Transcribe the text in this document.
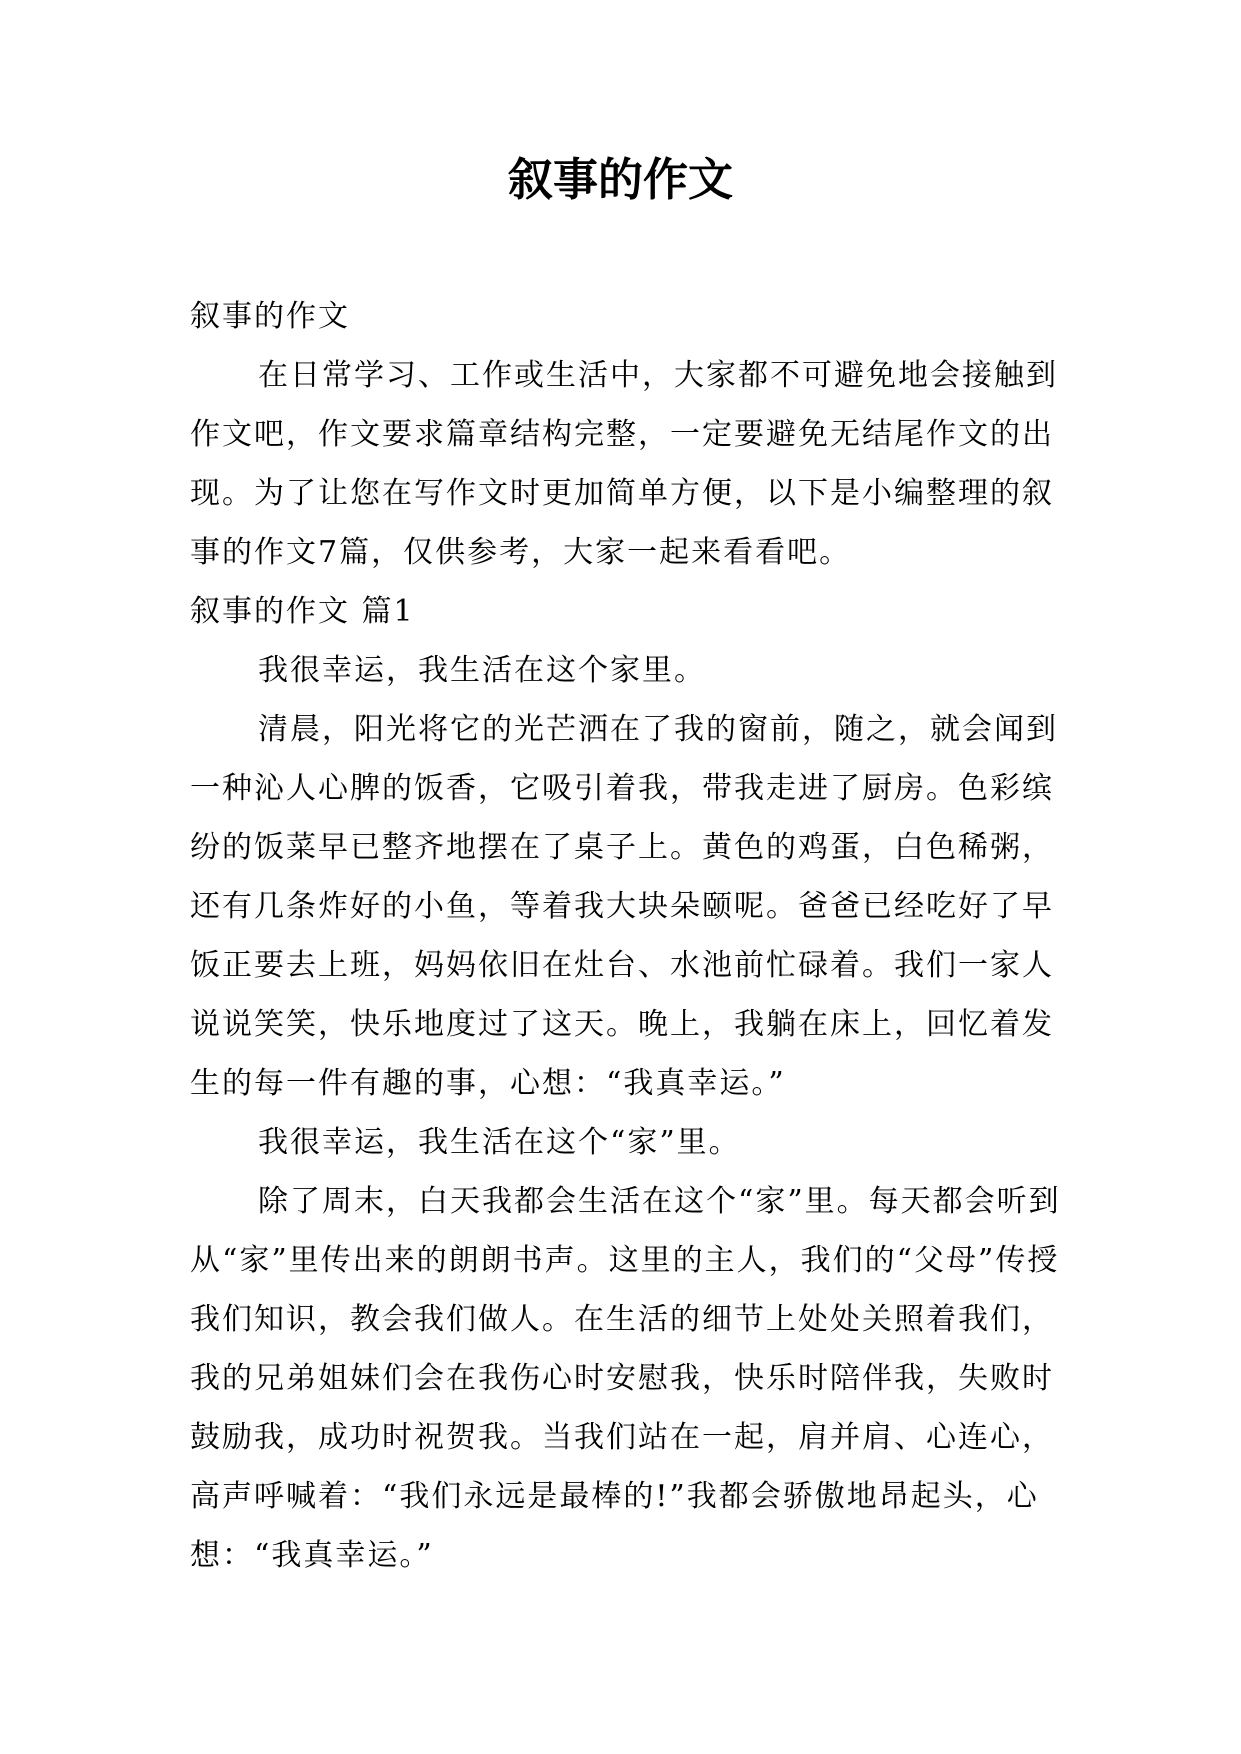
叙事的作文

叙事的作文

在日常学习、工作或生活中，大家都不可避免地会接触到作文吧，作文要求篇章结构完整，一定要避免无结尾作文的出现。为了让您在写作文时更加简单方便，以下是小编整理的叙事的作文7篇，仅供参考，大家一起来看看吧。

叙事的作文 篇1

我很幸运，我生活在这个家里。

清晨，阳光将它的光芒洒在了我的窗前，随之，就会闻到一种沁人心脾的饭香，它吸引着我，带我走进了厨房。色彩缤纷的饭菜早已整齐地摆在了桌子上。黄色的鸡蛋，白色稀粥，还有几条炸好的小鱼，等着我大块朵颐呢。爸爸已经吃好了早饭正要去上班，妈妈依旧在灶台、水池前忙碌着。我们一家人说说笑笑，快乐地度过了这天。晚上，我躺在床上，回忆着发生的每一件有趣的事，心想：“我真幸运。”

我很幸运，我生活在这个“家”里。

除了周末，白天我都会生活在这个“家”里。每天都会听到从“家”里传出来的朗朗书声。这里的主人，我们的“父母”传授我们知识，教会我们做人。在生活的细节上处处关照着我们，我的兄弟姐妹们会在我伤心时安慰我，快乐时陪伴我，失败时鼓励我，成功时祝贺我。当我们站在一起，肩并肩、心连心，高声呼喊着：“我们永远是最棒的!”我都会骄傲地昂起头，心想：“我真幸运。”
